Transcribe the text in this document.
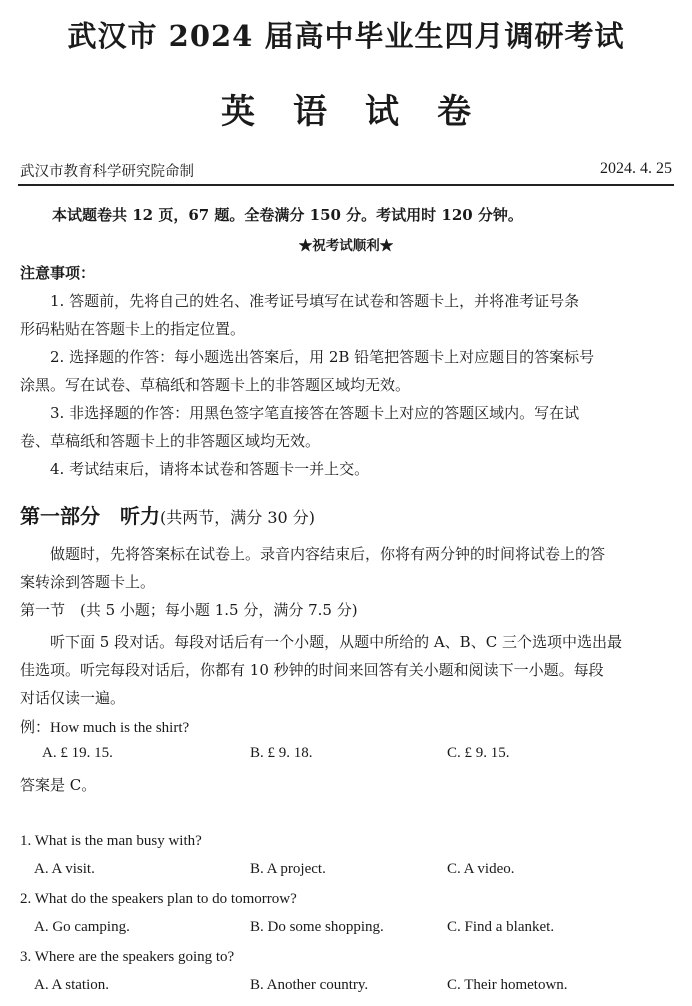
武汉市 2024 届高中毕业生四月调研考试
英语试卷
武汉市教育科学研究院命制	2024. 4. 25
本试题卷共 12 页，67 题。全卷满分 150 分。考试用时 120 分钟。
★祝考试顺利★
注意事项：
1. 答题前，先将自己的姓名、准考证号填写在试卷和答题卡上，并将准考证号条
形码粘贴在答题卡上的指定位置。
2. 选择题的作答：每小题选出答案后，用 2B 铅笔把答题卡上对应题目的答案标号
涂黑。写在试卷、草稿纸和答题卡上的非答题区域均无效。
3. 非选择题的作答：用黑色签字笔直接答在答题卡上对应的答题区域内。写在试
卷、草稿纸和答题卡上的非答题区域均无效。
4. 考试结束后，请将本试卷和答题卡一并上交。
第一部分　听力(共两节，满分 30 分)
做题时，先将答案标在试卷上。录音内容结束后，你将有两分钟的时间将试卷上的答
案转涂到答题卡上。
第一节　(共 5 小题；每小题 1.5 分，满分 7.5 分)
听下面 5 段对话。每段对话后有一个小题，从题中所给的 A、B、C 三个选项中选出最
佳选项。听完每段对话后，你都有 10 秒钟的时间来回答有关小题和阅读下一小题。每段
对话仅读一遍。
例：How much is the shirt?
A. £ 19. 15.	B. £ 9. 18.	C. £ 9. 15.
答案是 C。
1. What is the man busy with?
A. A visit.	B. A project.	C. A video.
2. What do the speakers plan to do tomorrow?
A. Go camping.	B. Do some shopping.	C. Find a blanket.
3. Where are the speakers going to?
A. A station.	B. Another country.	C. Their hometown.
